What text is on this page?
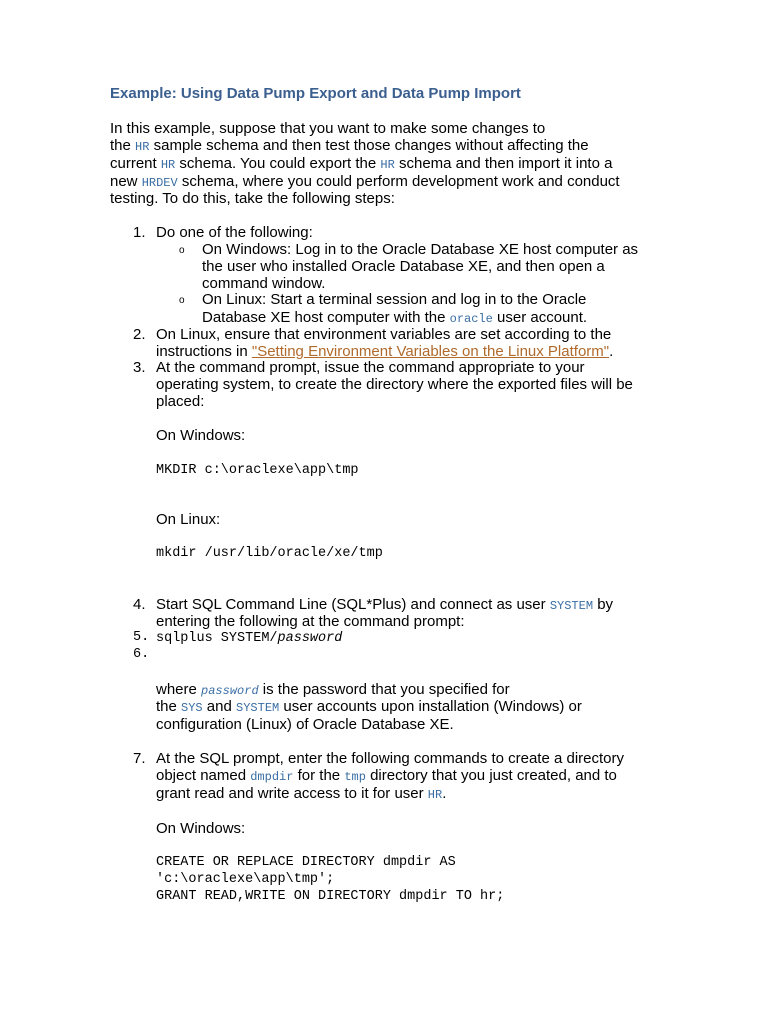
Example: Using Data Pump Export and Data Pump Import
In this example, suppose that you want to make some changes to
the HR sample schema and then test those changes without affecting the
current HR schema. You could export the HR schema and then import it into a
new HRDEV schema, where you could perform development work and conduct
testing. To do this, take the following steps:
1. Do one of the following:
o On Windows: Log in to the Oracle Database XE host computer as
the user who installed Oracle Database XE, and then open a
command window.
o On Linux: Start a terminal session and log in to the Oracle
Database XE host computer with the oracle user account.
2. On Linux, ensure that environment variables are set according to the
instructions in "Setting Environment Variables on the Linux Platform".
3. At the command prompt, issue the command appropriate to your
operating system, to create the directory where the exported files will be
placed:
On Windows:
MKDIR c:\oraclexe\app\tmp
On Linux:
mkdir /usr/lib/oracle/xe/tmp
4. Start SQL Command Line (SQL*Plus) and connect as user SYSTEM by
entering the following at the command prompt:
5. sqlplus SYSTEM/password
6.
where password is the password that you specified for
the SYS and SYSTEM user accounts upon installation (Windows) or
configuration (Linux) of Oracle Database XE.
7. At the SQL prompt, enter the following commands to create a directory
object named dmpdir for the tmp directory that you just created, and to
grant read and write access to it for user HR.
On Windows:
CREATE OR REPLACE DIRECTORY dmpdir AS
'c:\oraclexe\app\tmp';
GRANT READ,WRITE ON DIRECTORY dmpdir TO hr;
